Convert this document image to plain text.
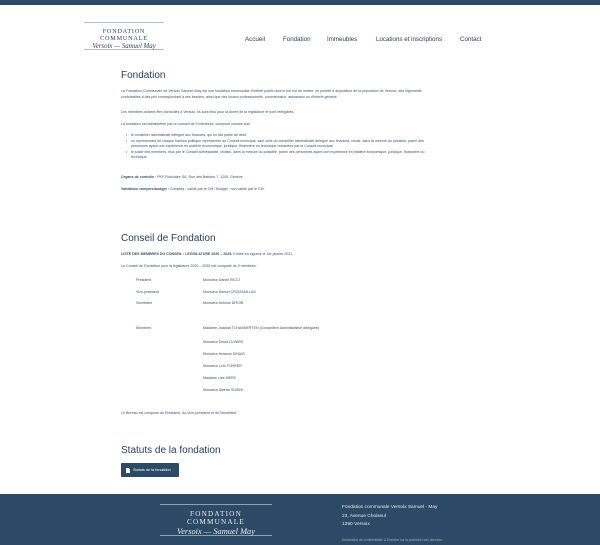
FONDATION COMMUNALE
Versoix — Samuel May
Accueil	Fondation	Immeubles	Locations et inscriptions	Contact
Fondation

La Fondation Communale de Versoix Samuel-May est une fondation communale d'intérêt public dont le but est de mettre, en priorité à disposition de la population de Versoix, des logements confortables à des prix correspondant à ses besoins, ainsi que des locaux professionnels, commerciaux, artisanaux ou d'intérêt général.

Les membres doivent être domiciliés à Versoix. Ils sont élus pour la durée de la législature et sont rééligibles.

La fondation est administrée par un conseil de 9 membres, composé comme suit :

• le conseiller administratif délégué aux finances, qui en fait partie de droit;
• un représentant de chaque fraction politique représentée au Conseil municipal, sauf celle du conseiller administratif délégué aux finances, choisi, dans la mesure du possible, parmi des personnes ayant une expérience en matière économique, juridique, financière ou technique nommées par le Conseil municipal;
• le solde des membres, élus par le Conseil administratif, choisis, dans la mesure du possible, parmi des personnes ayant une expérience en matière économique, juridique, financière ou technique.

Organe de contrôle : PKF Fiduciaire SA, Rue des Battoirs 7, 1205, Genève.

Validation comptes/budget : Comptes : validé par le CM / Budget : non validé par le CM.

Conseil de Fondation

LISTE DES MEMBRES DU CONSEIL : LÉGISLATURE 2020 – 2025. Entrée en vigueur le 1er janvier 2021.

Le Conseil de Fondation pour la législature 2020 – 2025 est composé de 9 membres :

Président	Monsieur Daniel RICCI
Vice-président	Monsieur Marcel CROUSAILLAS
Secrétaire	Monsieur Antoine DROIN
Membres	Madame Jolanda TCHANNERTEN (Conseillère Administrative déléguée)
Monsieur David CLINIER
Monsieur Hussein DINIAS
Monsieur Loïc FOHRER
Madame Lise MERZ
Monsieur Alberto SUSINI

Le Bureau est composé du Président, du Vice-président et du Secrétaire.

Statuts de la fondation
Statuts de la fondation
FONDATION COMMUNALE
Versoix — Samuel May
Fondation communale Versoix Samuel - May
23, Avenue Choiseul
1290 Versoix
Déclaration de confidentialité & Directive sur la protection des données
